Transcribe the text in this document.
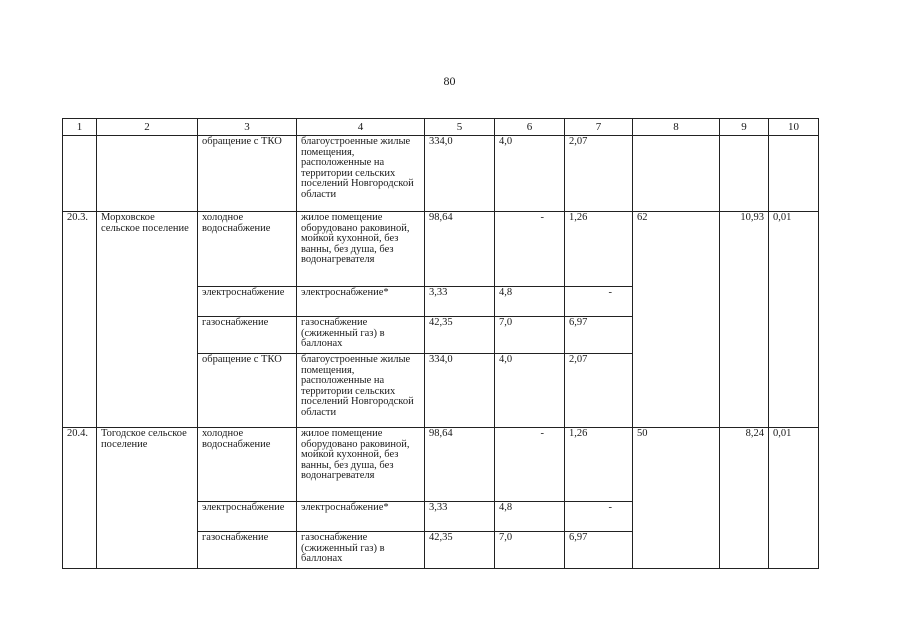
80
1	2	3	4	5	6	7	8	9	10
		обращение с ТКО	благоустроенные жилые помещения, расположенные на территории сельских поселений Новгородской области	334,0	4,0	2,07			
20.3.	Морховское сельское поселение	холодное водоснабжение	жилое помещение оборудовано раковиной, мойкой кухонной, без ванны, без душа, без водонагревателя	98,64	-	1,26	62	10,93	0,01
		электроснабжение	электроснабжение*	3,33	4,8	-			
		газоснабжение	газоснабжение (сжиженный газ) в баллонах	42,35	7,0	6,97			
		обращение с ТКО	благоустроенные жилые помещения, расположенные на территории сельских поселений Новгородской области	334,0	4,0	2,07			
20.4.	Тогодское сельское поселение	холодное водоснабжение	жилое помещение оборудовано раковиной, мойкой кухонной, без ванны, без душа, без водонагревателя	98,64	-	1,26	50	8,24	0,01
		электроснабжение	электроснабжение*	3,33	4,8	-			
		газоснабжение	газоснабжение (сжиженный газ) в баллонах	42,35	7,0	6,97			
